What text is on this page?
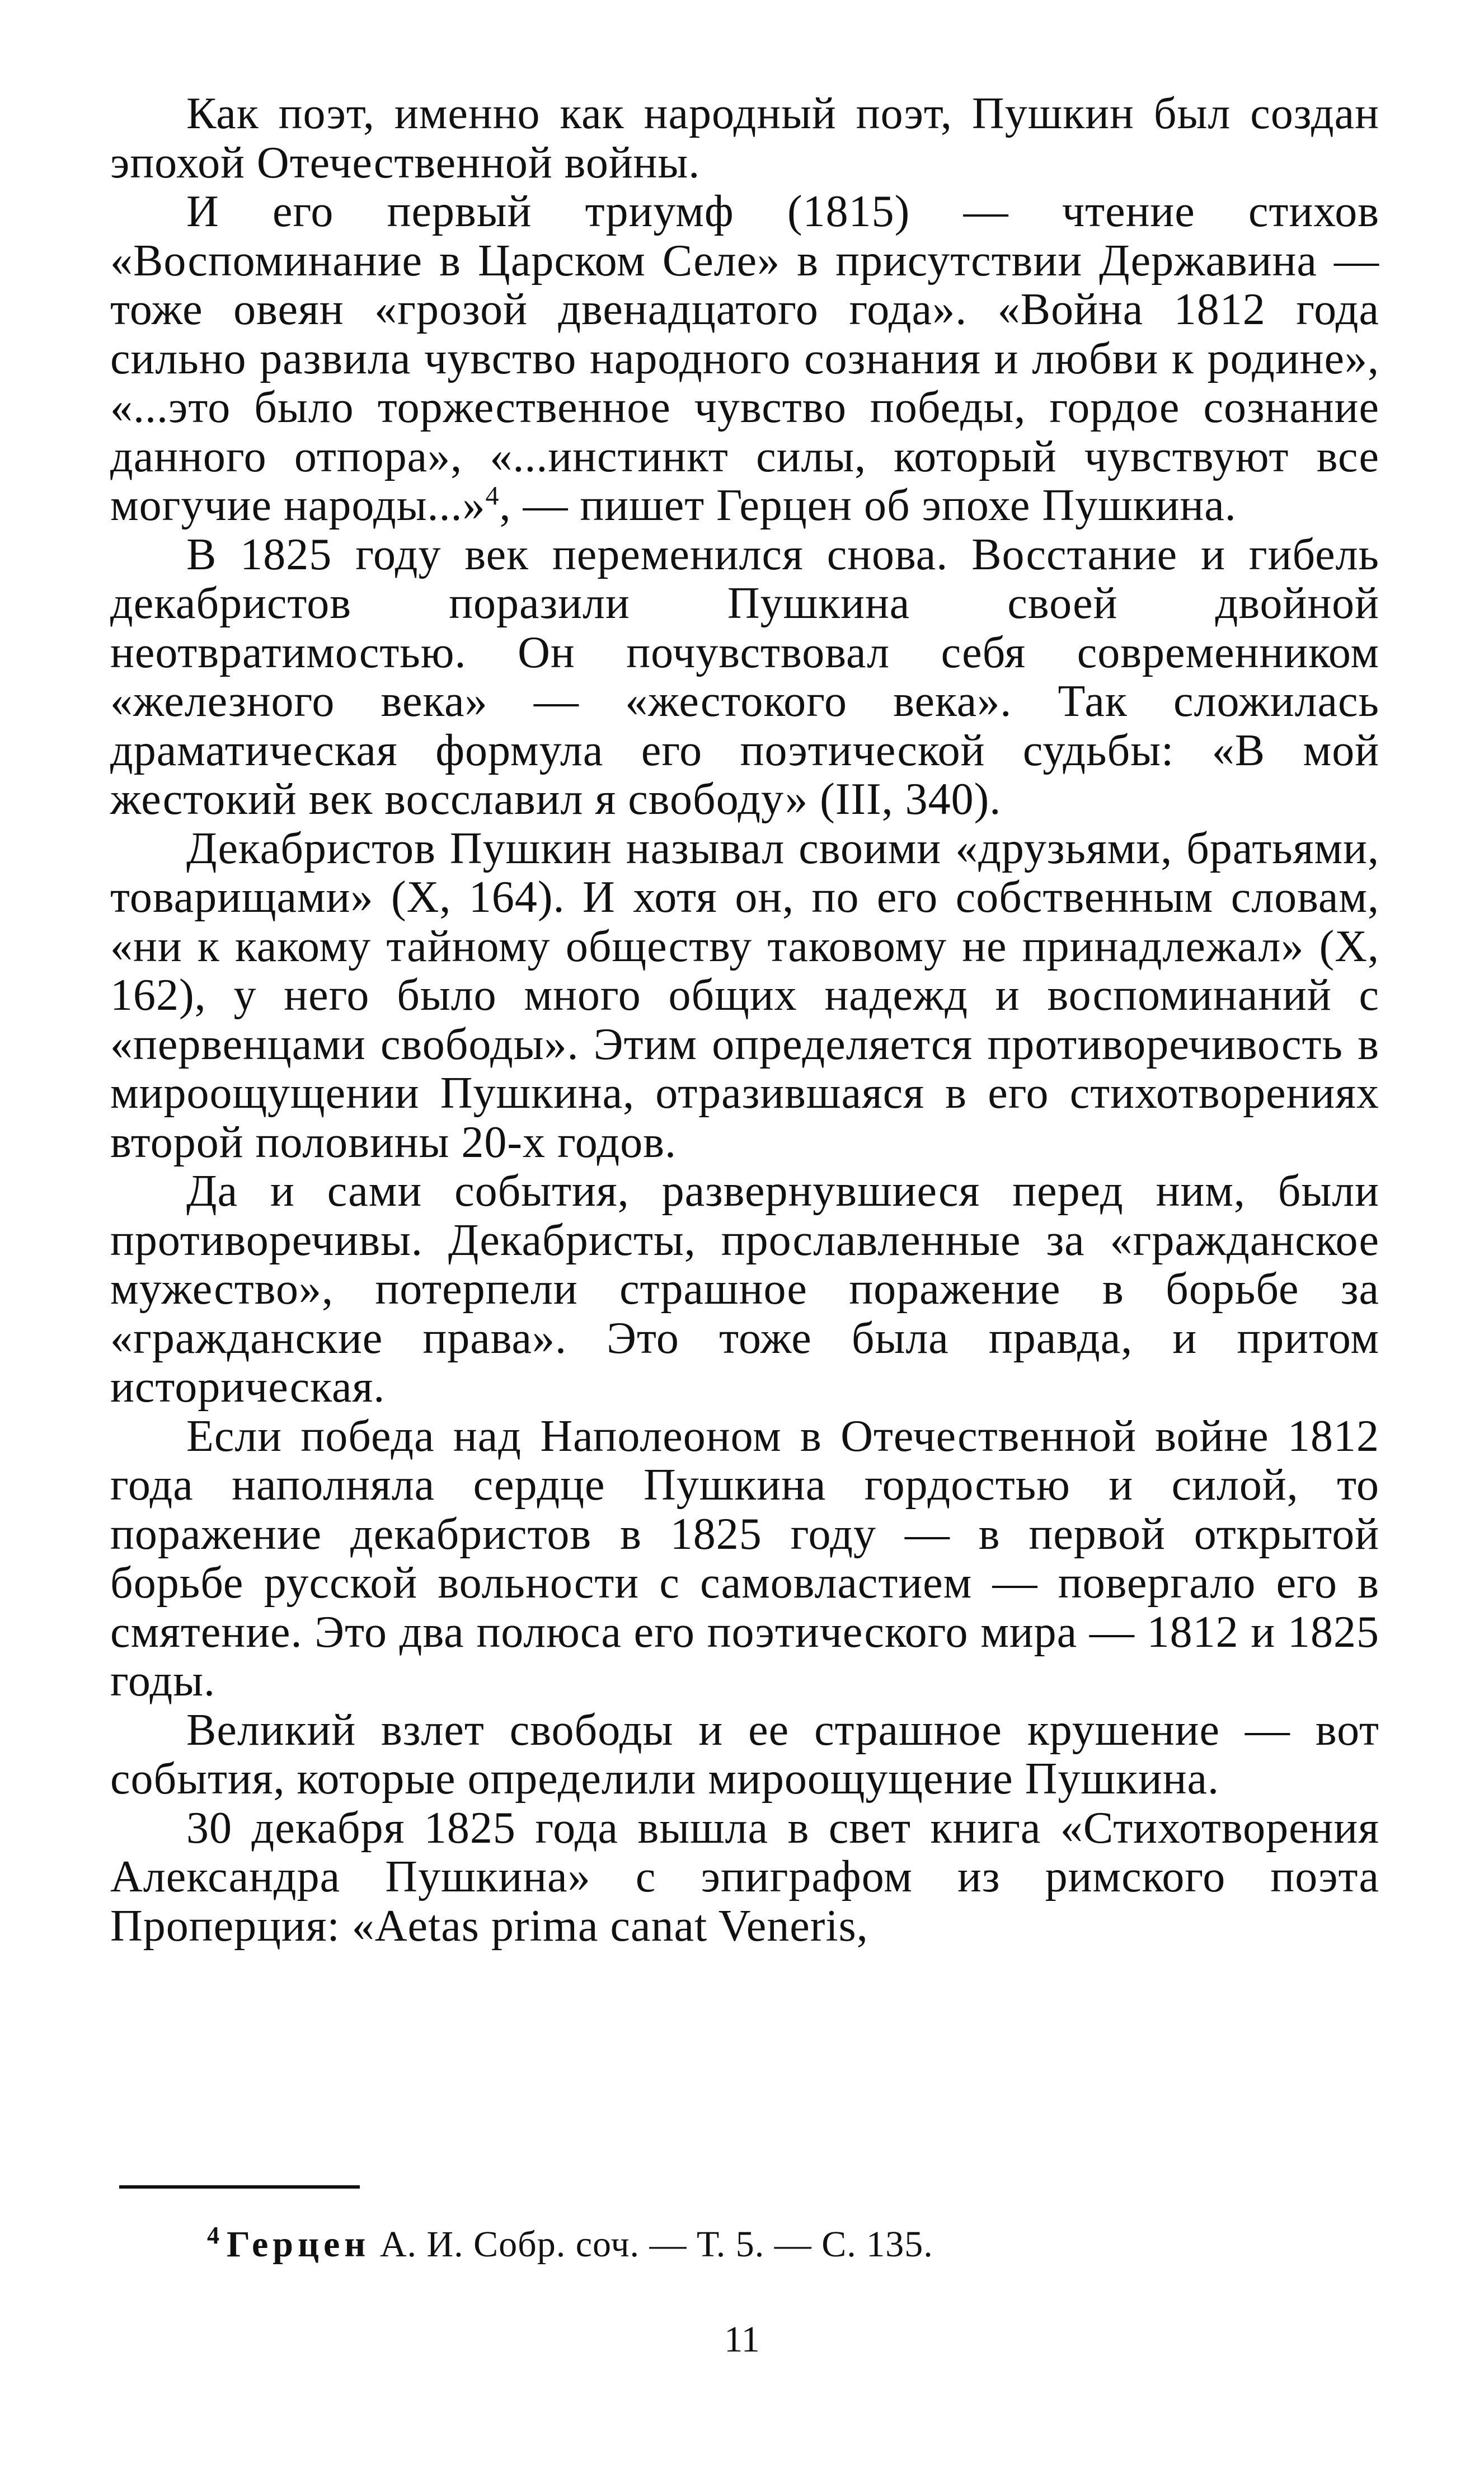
Как поэт, именно как народный поэт, Пушкин был создан эпохой Отечественной войны.

И его первый триумф (1815) — чтение стихов «Воспоминание в Царском Селе» в присутствии Державина — тоже овеян «грозой двенадцатого года». «Война 1812 года сильно развила чувство народного сознания и любви к родине», «...это было торжественное чувство победы, гордое сознание данного отпора», «...инстинкт силы, который чувствуют все могучие народы...»$^4$, — пишет Герцен об эпохе Пушкина.

В 1825 году век переменился снова. Восстание и гибель декабристов поразили Пушкина своей двойной неотвратимостью. Он почувствовал себя современником «железного века» — «жестокого века». Так сложилась драматическая формула его поэтической судьбы: «В мой жестокий век восславил я свободу» (III, 340).

Декабристов Пушкин называл своими «друзьями, братьями, товарищами» (X, 164). И хотя он, по его собственным словам, «ни к какому тайному обществу таковому не принадлежал» (X, 162), у него было много общих надежд и воспоминаний с «первенцами свободы». Этим определяется противоречивость в мироощущении Пушкина, отразившаяся в его стихотворениях второй половины 20-х годов.

Да и сами события, развернувшиеся перед ним, были противоречивы. Декабристы, прославленные за «гражданское мужество», потерпели страшное поражение в борьбе за «гражданские права». Это тоже была правда, и притом историческая.

Если победа над Наполеоном в Отечественной войне 1812 года наполняла сердце Пушкина гордостью и силой, то поражение декабристов в 1825 году — в первой открытой борьбе русской вольности с самовластием — повергало его в смятение. Это два полюса его поэтического мира — 1812 и 1825 годы.

Великий взлет свободы и ее страшное крушение — вот события, которые определили мироощущение Пушкина.

30 декабря 1825 года вышла в свет книга «Стихотворения Александра Пушкина» с эпиграфом из римского поэта Проперция: «Aetas prima canat Veneris,

$^4$ Герцен А. И. Собр. соч. — Т. 5. — С. 135.
11
